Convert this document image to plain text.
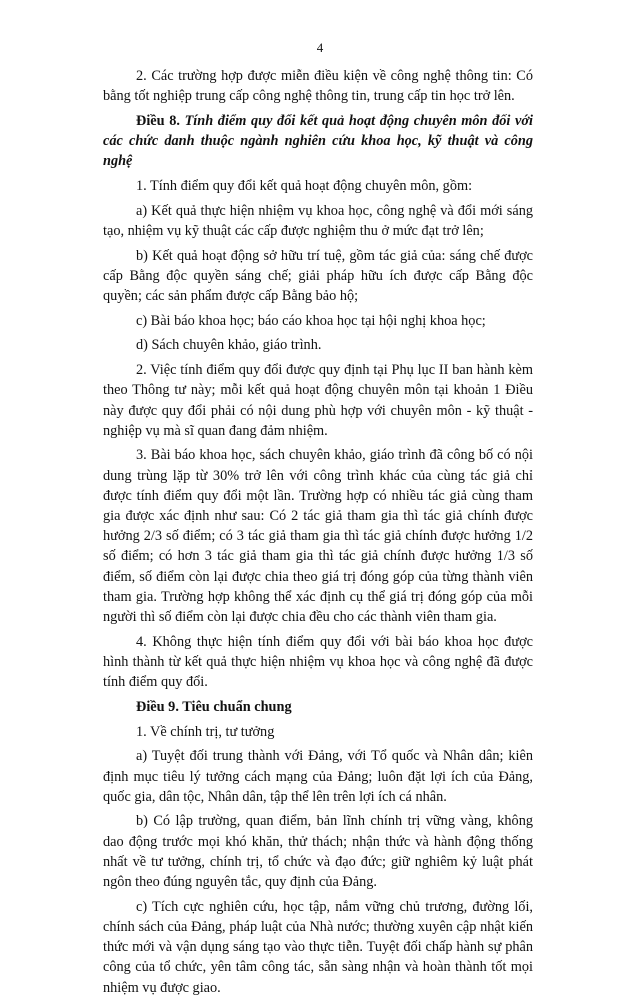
4

2. Các trường hợp được miễn điều kiện về công nghệ thông tin: Có bằng tốt nghiệp trung cấp công nghệ thông tin, trung cấp tin học trở lên.

Điều 8. Tính điểm quy đổi kết quả hoạt động chuyên môn đối với các chức danh thuộc ngành nghiên cứu khoa học, kỹ thuật và công nghệ

1. Tính điểm quy đổi kết quả hoạt động chuyên môn, gồm:

a) Kết quả thực hiện nhiệm vụ khoa học, công nghệ và đổi mới sáng tạo, nhiệm vụ kỹ thuật các cấp được nghiệm thu ở mức đạt trở lên;

b) Kết quả hoạt động sở hữu trí tuệ, gồm tác giả của: sáng chế được cấp Bằng độc quyền sáng chế; giải pháp hữu ích được cấp Bằng độc quyền; các sản phẩm được cấp Bằng bảo hộ;

c) Bài báo khoa học; báo cáo khoa học tại hội nghị khoa học;

d) Sách chuyên khảo, giáo trình.

2. Việc tính điểm quy đổi được quy định tại Phụ lục II ban hành kèm theo Thông tư này; mỗi kết quả hoạt động chuyên môn tại khoản 1 Điều này được quy đổi phải có nội dung phù hợp với chuyên môn - kỹ thuật - nghiệp vụ mà sĩ quan đang đảm nhiệm.

3. Bài báo khoa học, sách chuyên khảo, giáo trình đã công bố có nội dung trùng lặp từ 30% trở lên với công trình khác của cùng tác giả chỉ được tính điểm quy đổi một lần. Trường hợp có nhiều tác giả cùng tham gia được xác định như sau: Có 2 tác giả tham gia thì tác giả chính được hưởng 2/3 số điểm; có 3 tác giả tham gia thì tác giả chính được hưởng 1/2 số điểm; có hơn 3 tác giả tham gia thì tác giả chính được hưởng 1/3 số điểm, số điểm còn lại được chia theo giá trị đóng góp của từng thành viên tham gia. Trường hợp không thể xác định cụ thể giá trị đóng góp của mỗi người thì số điểm còn lại được chia đều cho các thành viên tham gia.

4. Không thực hiện tính điểm quy đổi với bài báo khoa học được hình thành từ kết quả thực hiện nhiệm vụ khoa học và công nghệ đã được tính điểm quy đổi.

Điều 9. Tiêu chuẩn chung

1. Về chính trị, tư tưởng

a) Tuyệt đối trung thành với Đảng, với Tổ quốc và Nhân dân; kiên định mục tiêu lý tưởng cách mạng của Đảng; luôn đặt lợi ích của Đảng, quốc gia, dân tộc, Nhân dân, tập thể lên trên lợi ích cá nhân.

b) Có lập trường, quan điểm, bản lĩnh chính trị vững vàng, không dao động trước mọi khó khăn, thử thách; nhận thức và hành động thống nhất về tư tưởng, chính trị, tổ chức và đạo đức; giữ nghiêm kỷ luật phát ngôn theo đúng nguyên tắc, quy định của Đảng.

c) Tích cực nghiên cứu, học tập, nắm vững chủ trương, đường lối, chính sách của Đảng, pháp luật của Nhà nước; thường xuyên cập nhật kiến thức mới và vận dụng sáng tạo vào thực tiễn. Tuyệt đối chấp hành sự phân công của tổ chức, yên tâm công tác, sẵn sàng nhận và hoàn thành tốt mọi nhiệm vụ được giao.
